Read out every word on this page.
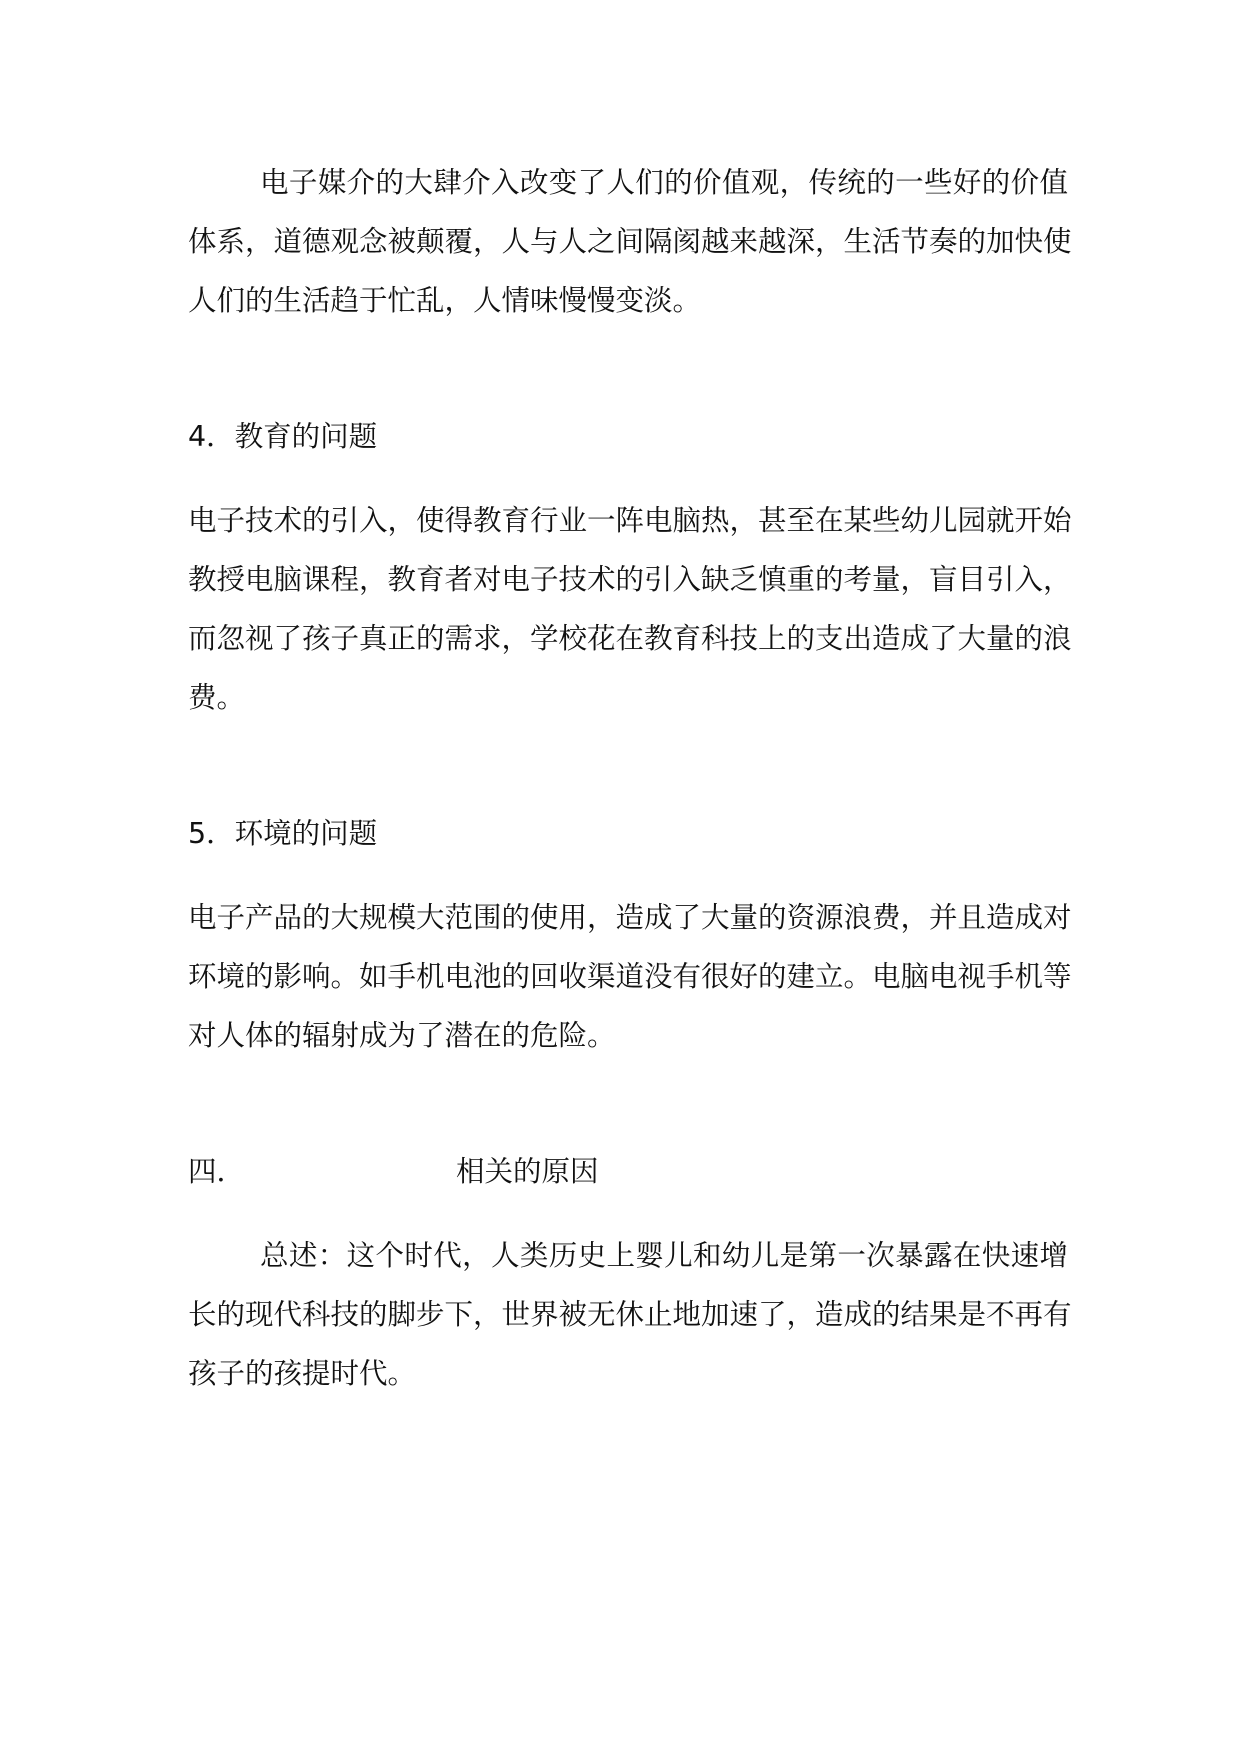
电子媒介的大肆介入改变了人们的价值观，传统的一些好的价值
体系，道德观念被颠覆，人与人之间隔阂越来越深，生活节奏的加快使
人们的生活趋于忙乱，人情味慢慢变淡。
4．教育的问题
电子技术的引入，使得教育行业一阵电脑热，甚至在某些幼儿园就开始
教授电脑课程，教育者对电子技术的引入缺乏慎重的考量，盲目引入，
而忽视了孩子真正的需求，学校花在教育科技上的支出造成了大量的浪
费。
5．环境的问题
电子产品的大规模大范围的使用，造成了大量的资源浪费，并且造成对
环境的影响。如手机电池的回收渠道没有很好的建立。电脑电视手机等
对人体的辐射成为了潜在的危险。
四．	相关的原因
总述：这个时代，人类历史上婴儿和幼儿是第一次暴露在快速增
长的现代科技的脚步下，世界被无休止地加速了，造成的结果是不再有
孩子的孩提时代。
